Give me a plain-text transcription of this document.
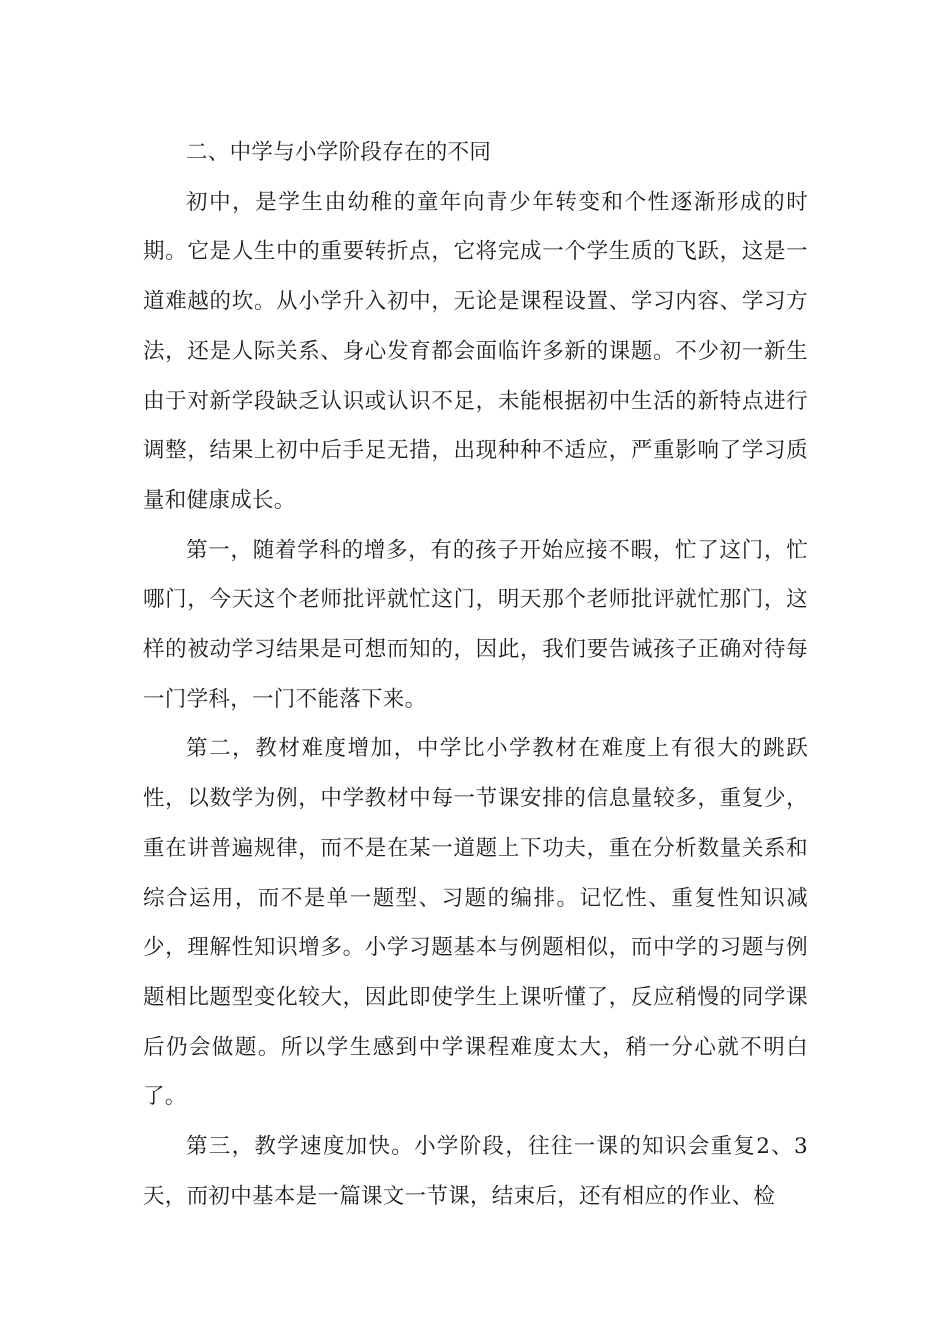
二、中学与小学阶段存在的不同

初中，是学生由幼稚的童年向青少年转变和个性逐渐形成的时期。它是人生中的重要转折点，它将完成一个学生质的飞跃，这是一道难越的坎。从小学升入初中，无论是课程设置、学习内容、学习方法，还是人际关系、身心发育都会面临许多新的课题。不少初一新生由于对新学段缺乏认识或认识不足，未能根据初中生活的新特点进行调整，结果上初中后手足无措，出现种种不适应，严重影响了学习质量和健康成长。

第一，随着学科的增多，有的孩子开始应接不暇，忙了这门，忙哪门，今天这个老师批评就忙这门，明天那个老师批评就忙那门，这样的被动学习结果是可想而知的，因此，我们要告诫孩子正确对待每一门学科，一门不能落下来。

第二，教材难度增加，中学比小学教材在难度上有很大的跳跃性，以数学为例，中学教材中每一节课安排的信息量较多，重复少，重在讲普遍规律，而不是在某一道题上下功夫，重在分析数量关系和综合运用，而不是单一题型、习题的编排。记忆性、重复性知识减少，理解性知识增多。小学习题基本与例题相似，而中学的习题与例题相比题型变化较大，因此即使学生上课听懂了，反应稍慢的同学课后仍会做题。所以学生感到中学课程难度太大，稍一分心就不明白了。

第三，教学速度加快。小学阶段，往往一课的知识会重复2、3天，而初中基本是一篇课文一节课，结束后，还有相应的作业、检
